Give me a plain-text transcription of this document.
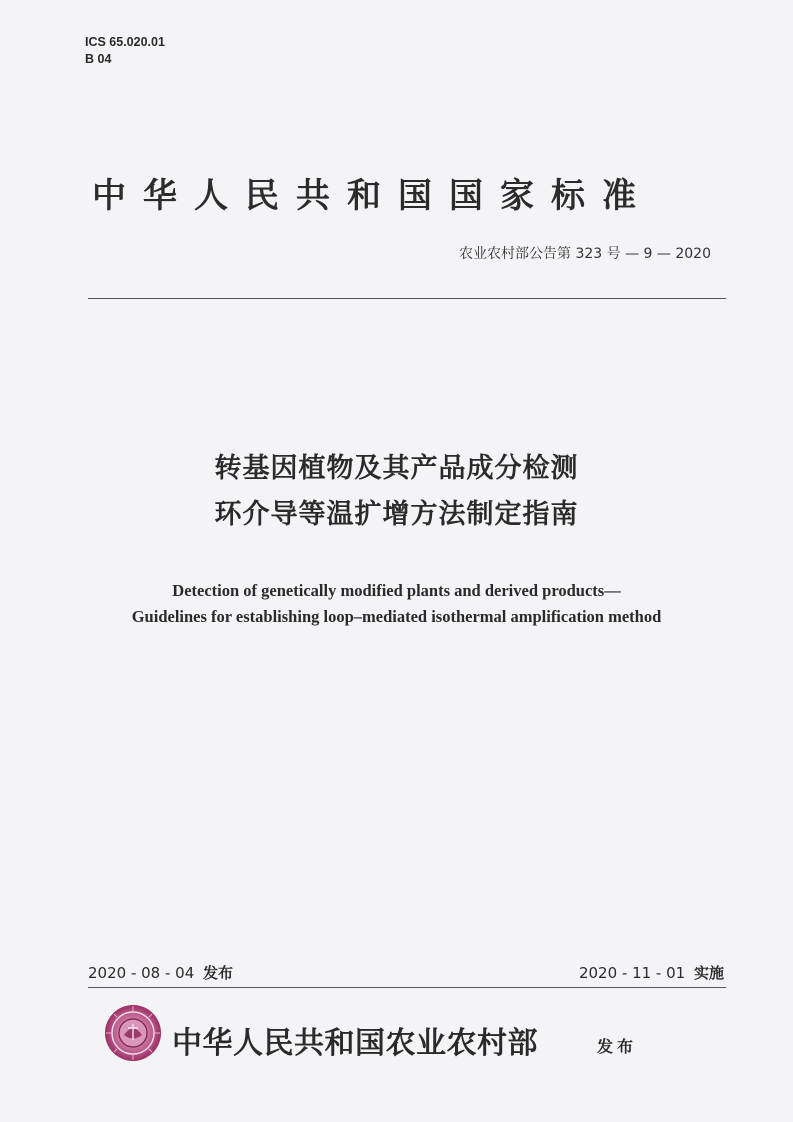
ICS 65.020.01
B 04
中华人民共和国国家标准
农业农村部公告第 323 号 — 9 — 2020
转基因植物及其产品成分检测
环介导等温扩增方法制定指南
Detection of genetically modified plants and derived products—
Guidelines for establishing loop–mediated isothermal amplification method
2020 - 08 - 04 发布	2020 - 11 - 01 实施
中华人民共和国农业农村部	发布
